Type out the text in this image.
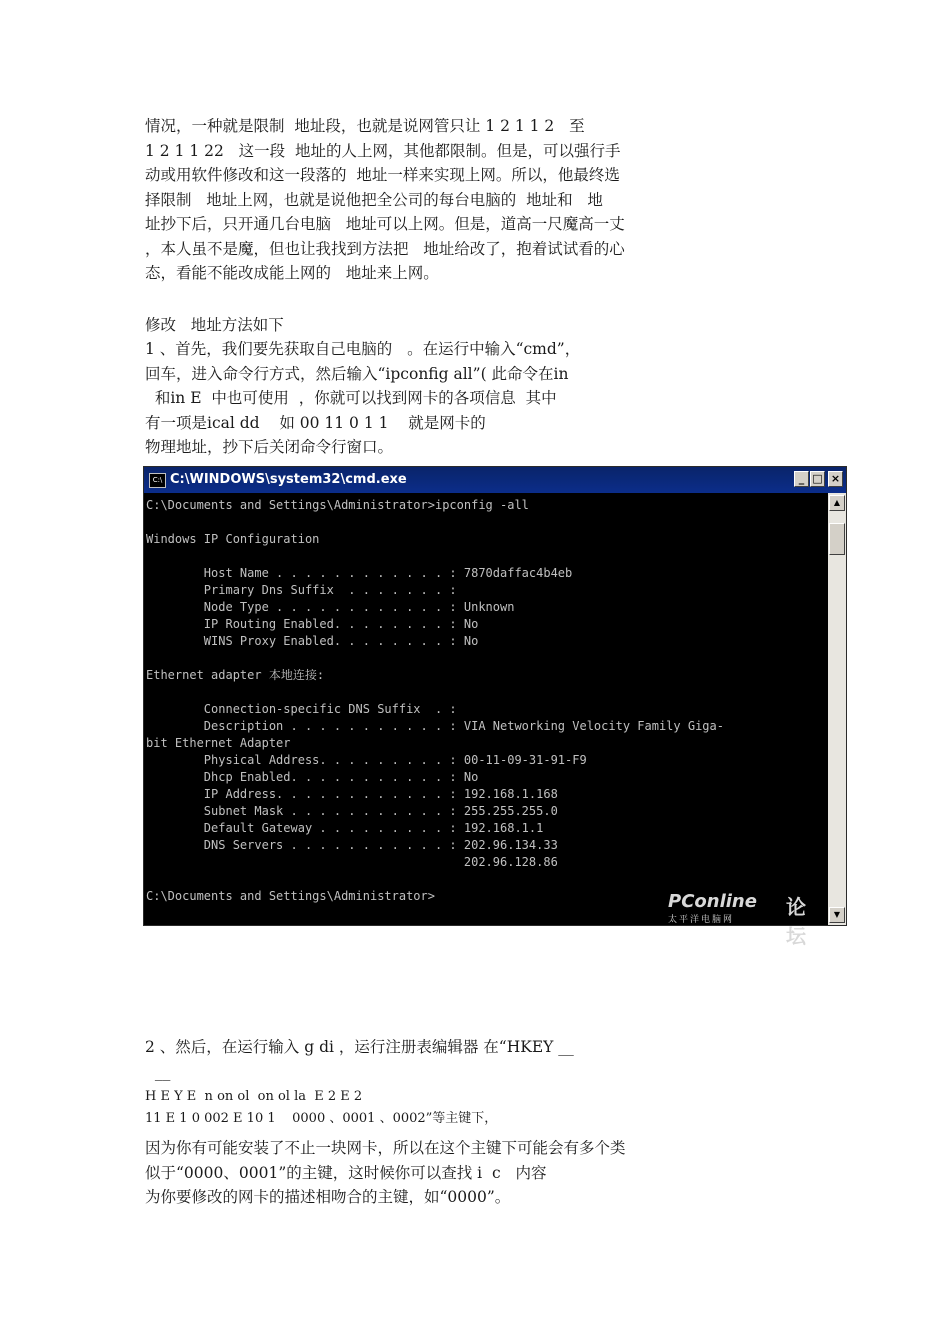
情况，一种就是限制  地址段，也就是说网管只让 1 2 1 1 2   至
1 2 1 1 22   这一段  地址的人上网，其他都限制。但是，可以强行手
动或用软件修改和这一段落的  地址一样来实现上网。所以，他最终选
择限制   地址上网，也就是说他把全公司的每台电脑的  地址和   地
址抄下后，只开通几台电脑   地址可以上网。但是，道高一尺魔高一丈
，本人虽不是魔，但也让我找到方法把   地址给改了，抱着试试看的心
态，看能不能改成能上网的   地址来上网。
修改   地址方法如下
1 、首先，我们要先获取自己电脑的   。在运行中输入“cmd”，
回车，进入命令行方式，然后输入“ipconfig all”( 此命令在in
和in E  中也可使用  ，你就可以找到网卡的各项信息  其中
有一项是ical dd    如 00 11 0 1 1    就是网卡的
物理地址，抄下后关闭命令行窗口。
C:\ C:\WINDOWS\system32\cmd.exe	_ □ ×
C:\Documents and Settings\Administrator>
202.96.128.86
DNS Servers . . . . . . . . . . . : 202.96.134.33
Default Gateway . . . . . . . . . : 192.168.1.1
Subnet Mask . . . . . . . . . . . : 255.255.255.0
IP Address. . . . . . . . . . . . : 192.168.1.168
Dhcp Enabled. . . . . . . . . . . : No
Physical Address. . . . . . . . . : 00-11-09-31-91-F9
bit Ethernet Adapter
Description . . . . . . . . . . . : VIA Networking Velocity Family Giga-
Connection-specific DNS Suffix  . :
Ethernet adapter 本地连接:
WINS Proxy Enabled. . . . . . . . : No
IP Routing Enabled. . . . . . . . : No
Node Type . . . . . . . . . . . . : Unknown
Primary Dns Suffix  . . . . . . . :
Host Name . . . . . . . . . . . . : 7870daffac4b4eb
Windows IP Configuration
C:\Documents and Settings\Administrator>ipconfig -all
PConline 论坛
太平洋电脑网
▲
▼
2 、然后，在运行输入 g di ，运行注册表编辑器 在“HKEY __
__
H E Y E  n on ol  on ol la  E 2 E 2
11 E 1 0 002 E 10 1    0000 、0001 、0002”等主键下，
因为你有可能安装了不止一块网卡，所以在这个主键下可能会有多个类
似于“0000、0001”的主键，这时候你可以查找 i  c   内容
为你要修改的网卡的描述相吻合的主键，如“0000”。
